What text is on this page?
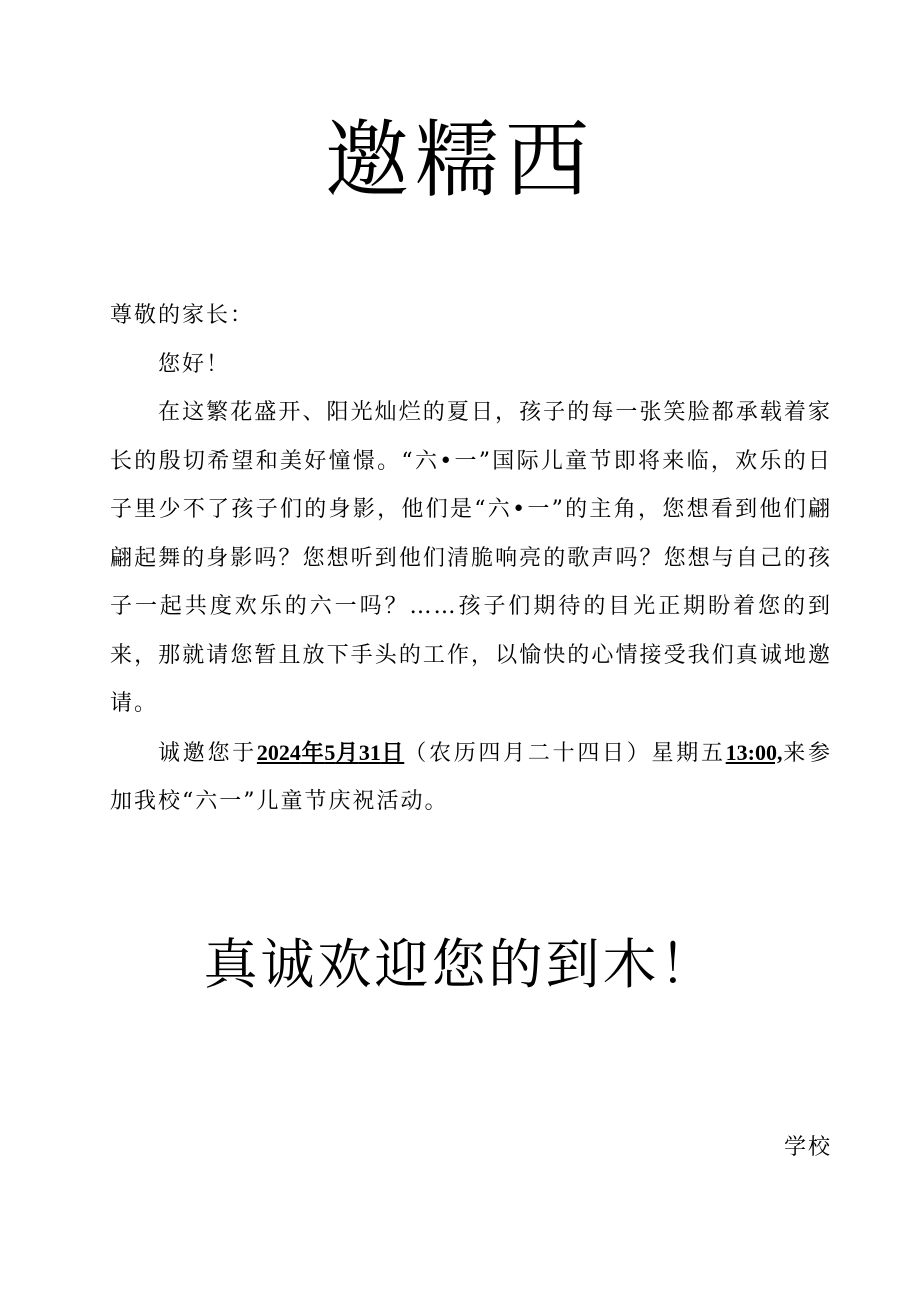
邀糯西

尊敬的家长：

您好！

在这繁花盛开、阳光灿烂的夏日，孩子的每一张笑脸都承载着家长的殷切希望和美好憧憬。“六•一”国际儿童节即将来临，欢乐的日子里少不了孩子们的身影，他们是“六•一”的主角，您想看到他们翩翩起舞的身影吗？您想听到他们清脆响亮的歌声吗？您想与自己的孩子一起共度欢乐的六一吗？……孩子们期待的目光正期盼着您的到来，那就请您暂且放下手头的工作，以愉快的心情接受我们真诚地邀请。

诚邀您于2024年5月31日（农历四月二十四日）星期五13:00,来参加我校“六一”儿童节庆祝活动。

真诚欢迎您的到木！
学校
